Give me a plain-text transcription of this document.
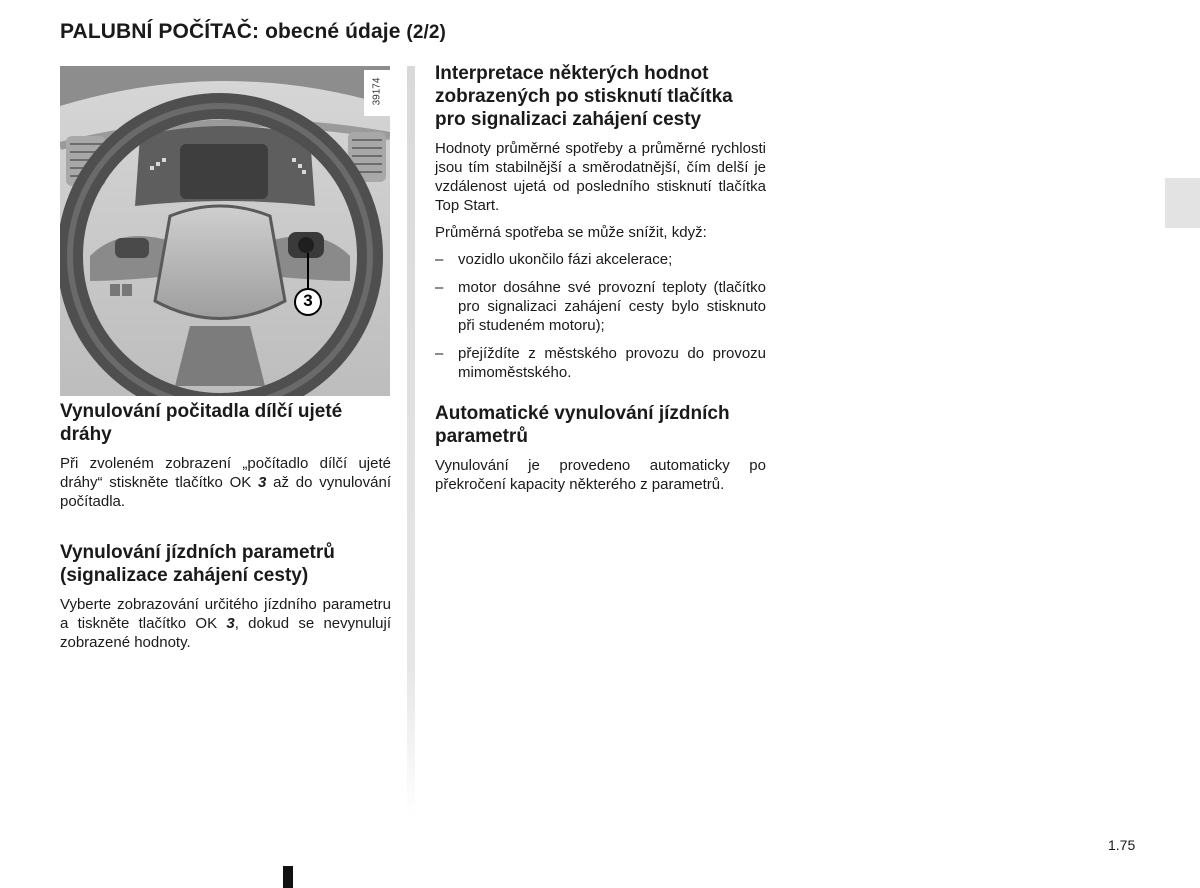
PALUBNÍ POČÍTAČ: obecné údaje (2/2)
3
39174
Vynulování počitadla dílčí ujeté dráhy

Při zvoleném zobrazení „počítadlo dílčí ujeté dráhy“ stiskněte tlačítko OK 3 až do vynulování počítadla.

Vynulování jízdních parametrů (signalizace zahájení cesty)

Vyberte zobrazování určitého jízdního parametru a tiskněte tlačítko OK 3, dokud se nevynulují zobrazené hodnoty.

Interpretace některých hodnot zobrazených po stisknutí tlačítka pro signalizaci zahájení cesty

Hodnoty průměrné spotřeby a průměrné rychlosti jsou tím stabilnější a směrodatnější, čím delší je vzdálenost ujetá od posledního stisknutí tlačítka Top Start.

Průměrná spotřeba se může snížit, když:

– vozidlo ukončilo fázi akcelerace;
– motor dosáhne své provozní teploty (tlačítko pro signalizaci zahájení cesty bylo stisknuto při studeném motoru);
– přejíždíte z městského provozu do provozu mimoměstského.
Automatické vynulování jízdních parametrů

Vynulování je provedeno automaticky po překročení kapacity některého z parametrů.

1.75
